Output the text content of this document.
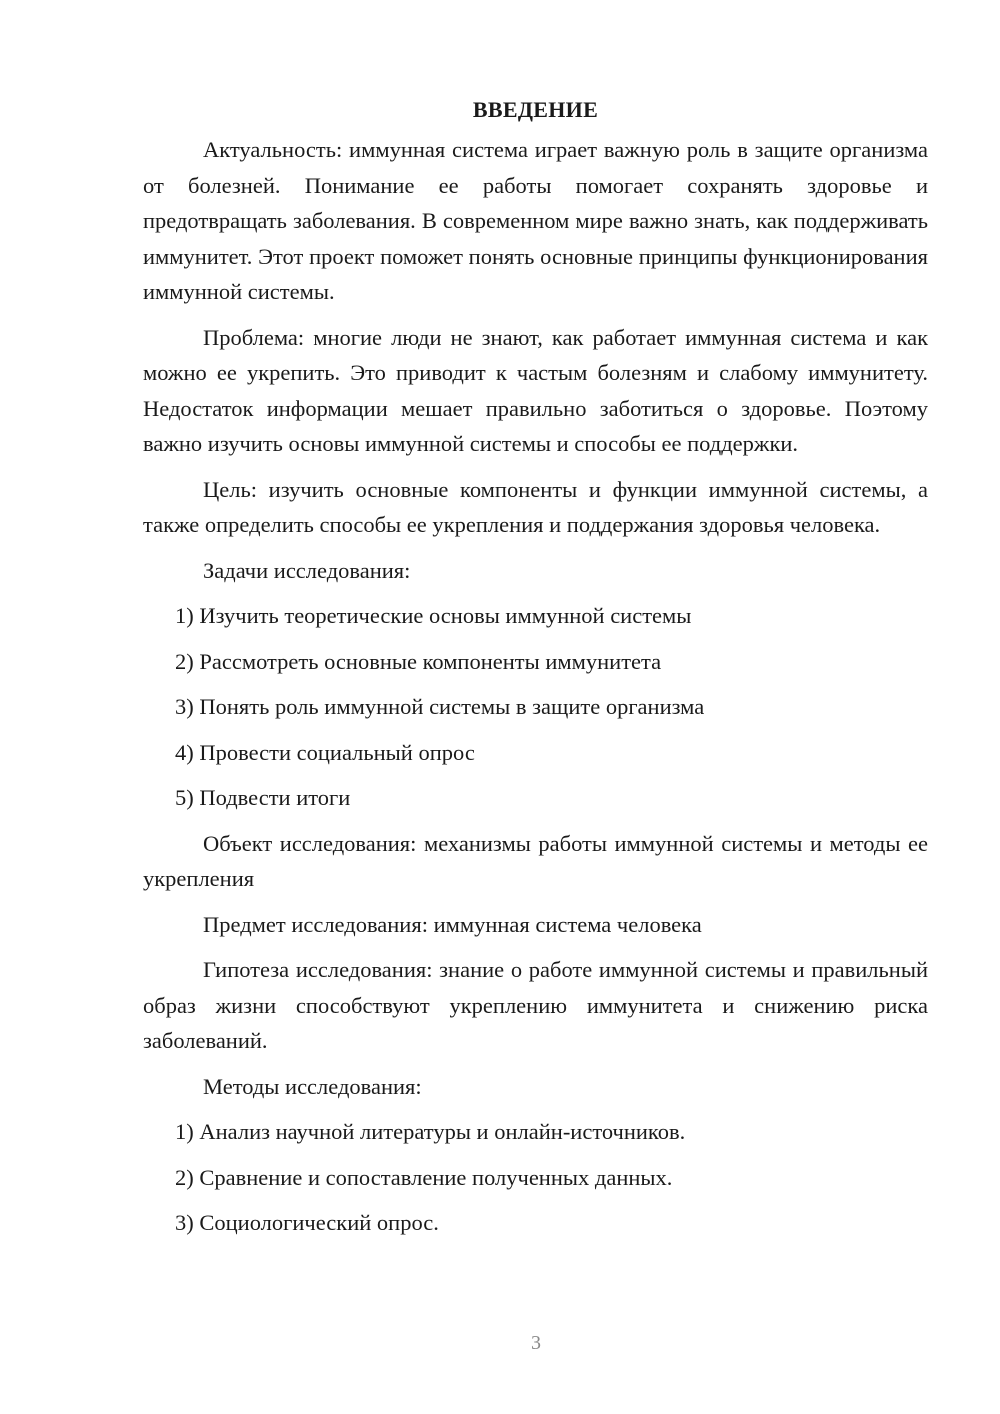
ВВЕДЕНИЕ

Актуальность: иммунная система играет важную роль в защите организма от болезней. Понимание ее работы помогает сохранять здоровье и предотвращать заболевания. В современном мире важно знать, как поддерживать иммунитет. Этот проект поможет понять основные принципы функционирования иммунной системы.

Проблема: многие люди не знают, как работает иммунная система и как можно ее укрепить. Это приводит к частым болезням и слабому иммунитету. Недостаток информации мешает правильно заботиться о здоровье. Поэтому важно изучить основы иммунной системы и способы ее поддержки.

Цель: изучить основные компоненты и функции иммунной системы, а также определить способы ее укрепления и поддержания здоровья человека.

Задачи исследования:

1) Изучить теоретические основы иммунной системы
2) Рассмотреть основные компоненты иммунитета
3) Понять роль иммунной системы в защите организма
4) Провести социальный опрос
5) Подвести итоги

Объект исследования: механизмы работы иммунной системы и методы ее укрепления

Предмет исследования: иммунная система человека

Гипотеза исследования: знание о работе иммунной системы и правильный образ жизни способствуют укреплению иммунитета и снижению риска заболеваний.

Методы исследования:

1) Анализ научной литературы и онлайн-источников.
2) Сравнение и сопоставление полученных данных.
3) Социологический опрос.
3
